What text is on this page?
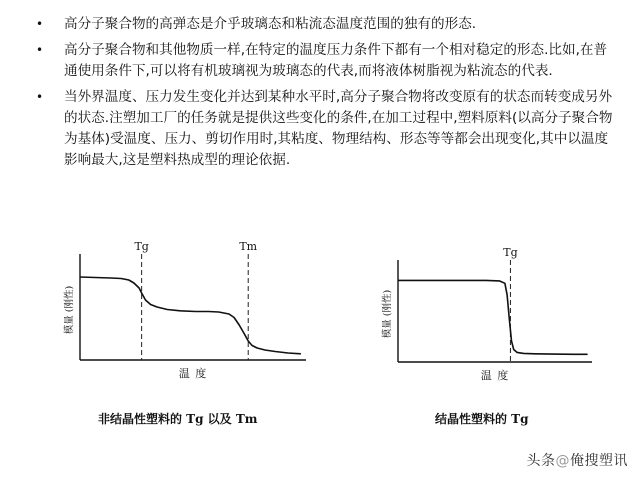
• 高分子聚合物的高弹态是介乎玻璃态和粘流态温度范围的独有的形态.
• 高分子聚合物和其他物质一样,在特定的温度压力条件下都有一个相对稳定的形态.比如,在普通使用条件下,可以将有机玻璃视为玻璃态的代表,而将液体树脂视为粘流态的代表.
• 当外界温度、压力发生变化并达到某种水平时,高分子聚合物将改变原有的状态而转变成另外的状态.注塑加工厂的任务就是提供这些变化的条件,在加工过程中,塑料原料(以高分子聚合物为基体)受温度、压力、剪切作用时,其粘度、物理结构、形态等等都会出现变化,其中以温度影响最大,这是塑料热成型的理论依据.
Tg	Tm
温 度
模量 (刚性)
非结晶性塑料的 Tg 以及 Tm
Tg
温 度
模量 (刚性)
结晶性塑料的 Tg
头条@俺搜塑讯
